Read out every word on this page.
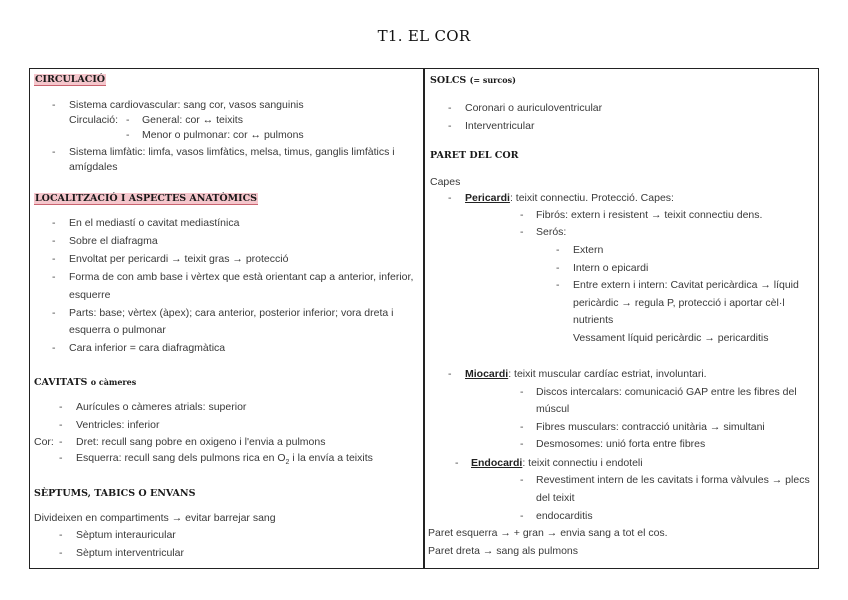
T1. EL COR
CIRCULACIÓ
- Sistema cardiovascular: sang cor, vasos sanguinis
Circulació: - General: cor ↔ teixits
- Menor o pulmonar: cor ↔ pulmons
- Sistema limfàtic: limfa, vasos limfàtics, melsa, timus, ganglis limfàtics i
amígdales
LOCALITZACIÓ I ASPECTES ANATÒMICS
- En el mediastí o cavitat mediastínica
- Sobre el diafragma
- Envoltat per pericardi → teixit gras → protecció
- Forma de con amb base i vèrtex que està orientant cap a anterior, inferior,
esquerre
- Parts: base; vèrtex (àpex); cara anterior, posterior inferior; vora dreta i
esquerra o pulmonar
- Cara inferior = cara diafragmàtica
CAVITATS o càmeres
- Aurícules o càmeres atrials: superior
- Ventricles: inferior
Cor: - Dret: recull sang pobre en oxigeno i l'envia a pulmons
- Esquerra: recull sang dels pulmons rica en $O_2$ i la envía a teixits
SÈPTUMS, TABICS O ENVANS
Divideixen en compartiments → evitar barrejar sang
- Sèptum interauricular
- Sèptum interventricular
SOLCS (= surcos)
- Coronari o auriculoventricular
- Interventricular
PARET DEL COR
Capes
- Pericardi: teixit connectiu. Protecció. Capes:
- Fibrós: extern i resistent → teixit connectiu dens.
- Serós:
- Extern
- Intern o epicardi
- Entre extern i intern: Cavitat pericàrdica → líquid
pericàrdic → regula P, protecció i aportar cèl·l
nutrients
Vessament líquid pericàrdic → pericarditis
- Miocardi: teixit muscular cardíac estriat, involuntari.
- Discos intercalars: comunicació GAP entre les fibres del
múscul
- Fibres musculars: contracció unitària → simultani
- Desmosomes: unió forta entre fibres
- Endocardi: teixit connectiu i endoteli
- Revestiment intern de les cavitats i forma vàlvules → plecs
del teixit
- endocarditis
Paret esquerra → + gran → envia sang a tot el cos.
Paret dreta → sang als pulmons
